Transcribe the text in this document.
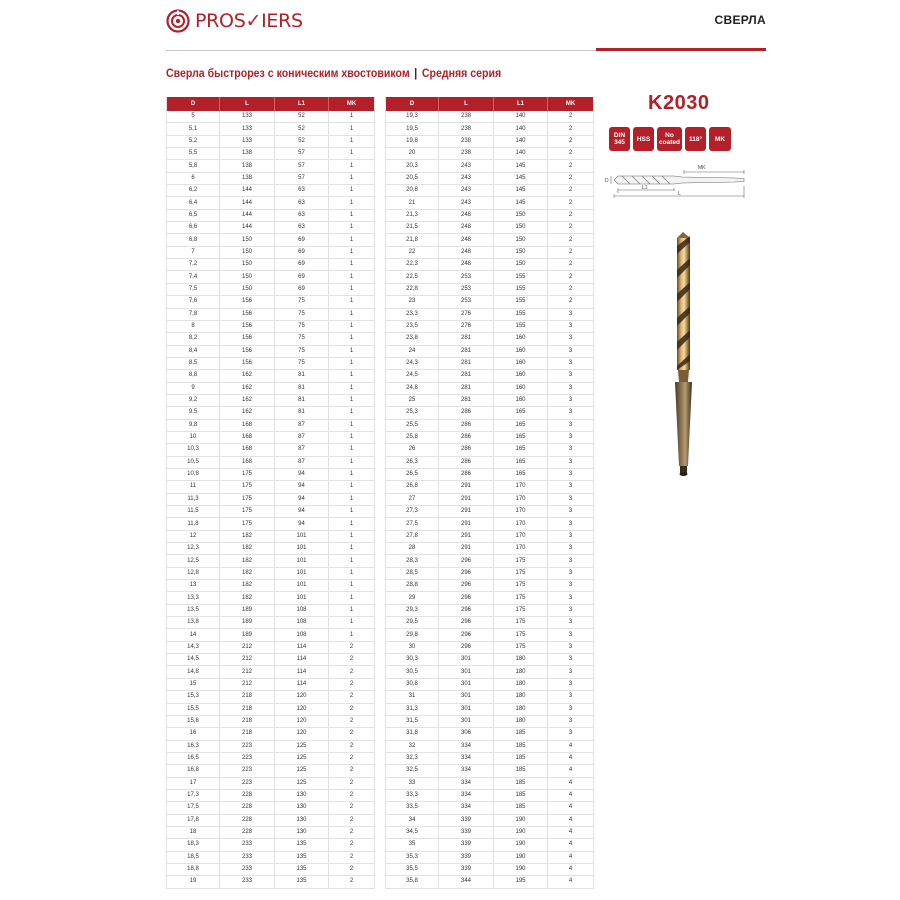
PROS✓IERS	СВЕРЛА
Сверла быстрорез с коническим хвостовиком | Средняя серия
D	L	L1	MK
5	133	52	1
5,1	133	52	1
5,2	133	52	1
5,5	138	57	1
5,8	138	57	1
6	138	57	1
6,2	144	63	1
6,4	144	63	1
6,5	144	63	1
6,6	144	63	1
6,8	150	69	1
7	150	69	1
7,2	150	69	1
7,4	150	69	1
7,5	150	69	1
7,6	156	75	1
7,8	156	75	1
8	156	75	1
8,2	156	75	1
8,4	156	75	1
8,5	156	75	1
8,8	162	81	1
9	162	81	1
9,2	162	81	1
9,5	162	81	1
9,8	168	87	1
10	168	87	1
10,3	168	87	1
10,5	168	87	1
10,8	175	94	1
11	175	94	1
11,3	175	94	1
11,5	175	94	1
11,8	175	94	1
12	182	101	1
12,3	182	101	1
12,5	182	101	1
12,8	182	101	1
13	182	101	1
13,3	182	101	1
13,5	189	108	1
13,8	189	108	1
14	189	108	1
14,3	212	114	2
14,5	212	114	2
14,8	212	114	2
15	212	114	2
15,3	218	120	2
15,5	218	120	2
15,8	218	120	2
16	218	120	2
16,3	223	125	2
16,5	223	125	2
16,8	223	125	2
17	223	125	2
17,3	228	130	2
17,5	228	130	2
17,8	228	130	2
18	228	130	2
18,3	233	135	2
18,5	233	135	2
18,8	233	135	2
19	233	135	2
D	L	L1	MK
19,3	238	140	2
19,5	238	140	2
19,8	238	140	2
20	238	140	2
20,3	243	145	2
20,5	243	145	2
20,8	243	145	2
21	243	145	2
21,3	248	150	2
21,5	248	150	2
21,8	248	150	2
22	248	150	2
22,3	248	150	2
22,5	253	155	2
22,8	253	155	2
23	253	155	2
23,3	276	155	3
23,5	276	155	3
23,8	281	160	3
24	281	160	3
24,3	281	160	3
24,5	281	160	3
24,8	281	160	3
25	281	160	3
25,3	286	165	3
25,5	286	165	3
25,8	286	165	3
26	286	165	3
26,3	286	165	3
26,5	286	165	3
26,8	291	170	3
27	291	170	3
27,3	291	170	3
27,5	291	170	3
27,8	291	170	3
28	291	170	3
28,3	296	175	3
28,5	296	175	3
28,8	296	175	3
29	296	175	3
29,3	296	175	3
29,5	296	175	3
29,8	296	175	3
30	296	175	3
30,3	301	180	3
30,5	301	180	3
30,8	301	180	3
31	301	180	3
31,3	301	180	3
31,5	301	180	3
31,8	306	185	3
32	334	185	4
32,3	334	185	4
32,5	334	185	4
33	334	185	4
33,3	334	185	4
33,5	334	185	4
34	339	190	4
34,5	339	190	4
35	339	190	4
35,3	339	190	4
35,5	339	190	4
35,8	344	195	4
K2030
DIN
345	HSS	No
coated	118°	MK
D
L1
L
MK
